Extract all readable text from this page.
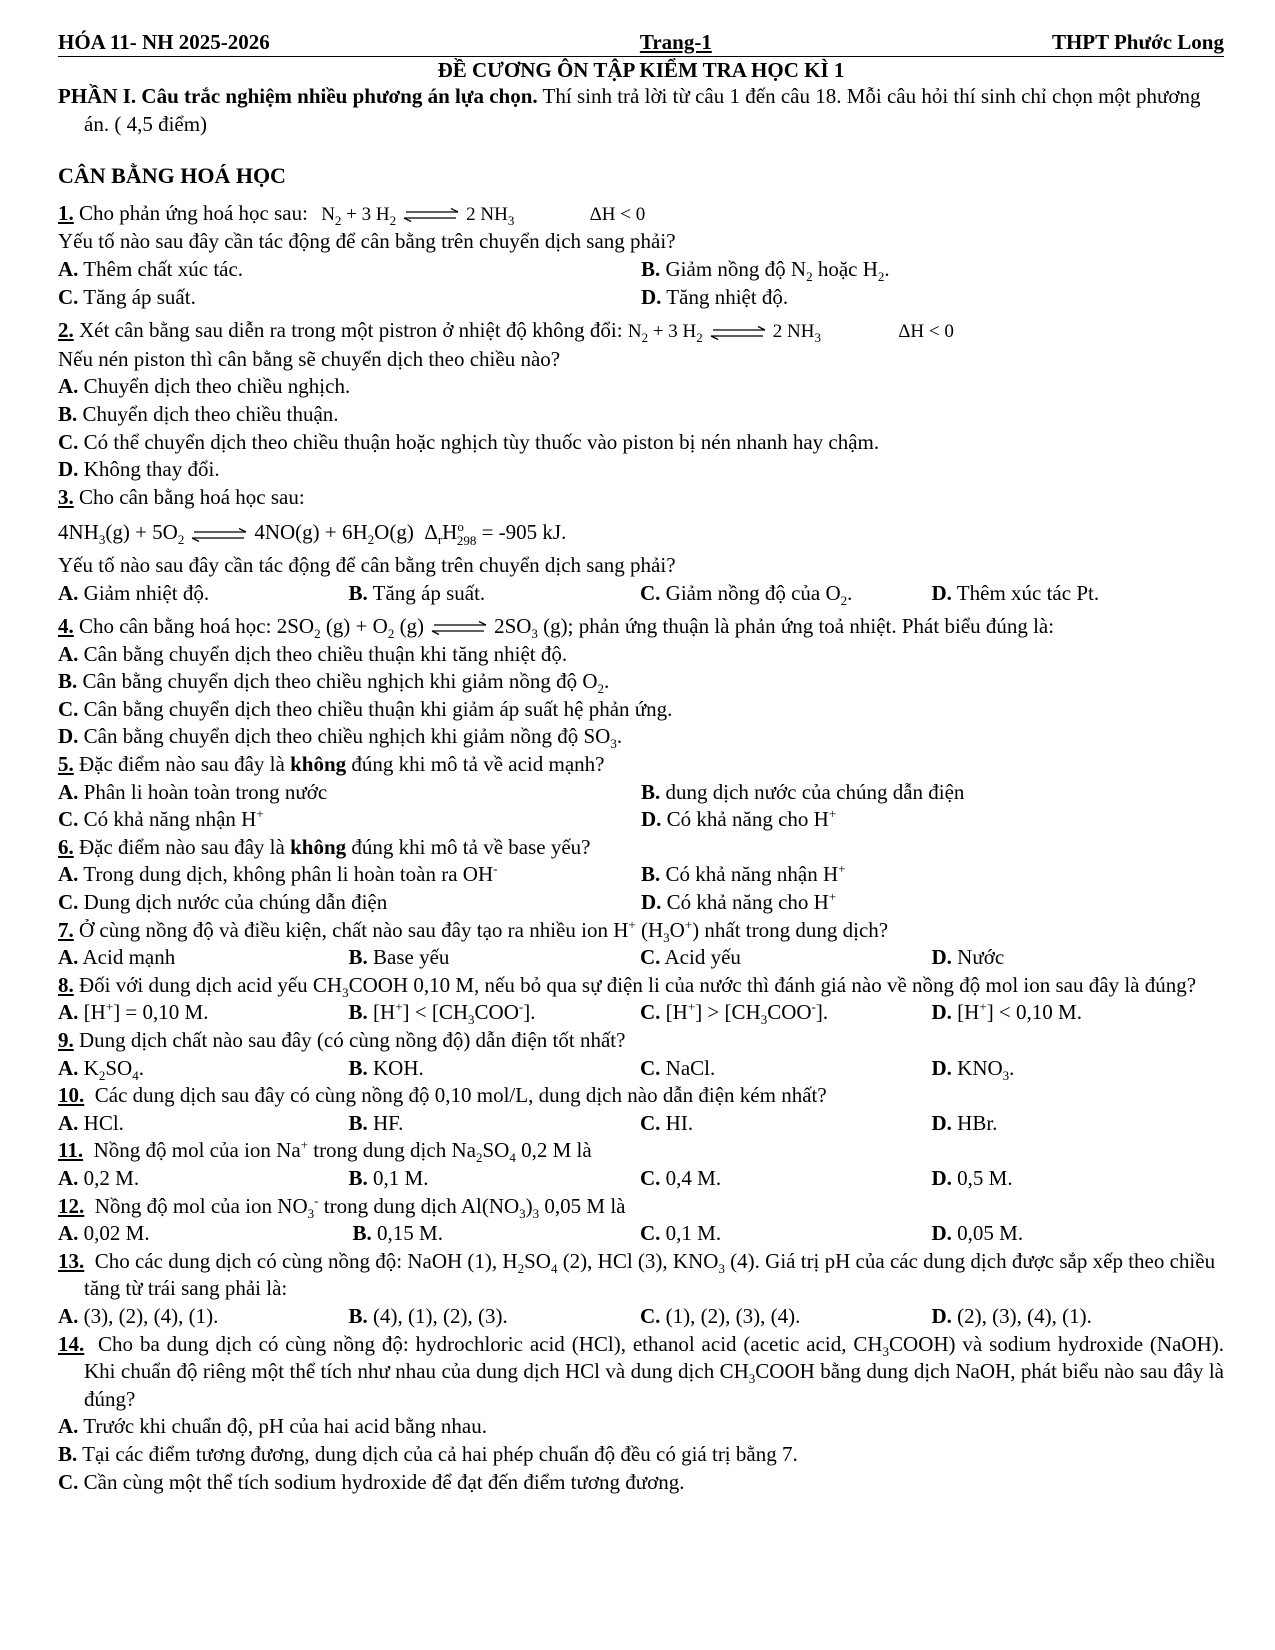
HÓA 11- NH 2025-2026	Trang-1	THPT Phước Long
ĐỀ CƯƠNG ÔN TẬP KIỂM TRA HỌC KÌ 1
PHẦN I. Câu trắc nghiệm nhiều phương án lựa chọn. Thí sinh trả lời từ câu 1 đến câu 18. Mỗi câu hỏi thí sinh chỉ chọn một phương án. ( 4,5 điểm)
CÂN BẰNG HOÁ HỌC
1. Cho phản ứng hoá học sau: $N_2 + 3$ $H_2$	2 $NH_3$	ΔH < 0
Yếu tố nào sau đây cần tác động để cân bằng trên chuyển dịch sang phải?
A. Thêm chất xúc tác.	B. Giảm nồng độ $N_2$ hoặc $H_2$.
C. Tăng áp suất.	D. Tăng nhiệt độ.
2. Xét cân bằng sau diễn ra trong một pistron ở nhiệt độ không đổi: $N_2 + 3$ $H_2$	2 $NH_3$	ΔH < 0
Nếu nén piston thì cân bằng sẽ chuyển dịch theo chiều nào?
A. Chuyển dịch theo chiều nghịch.
B. Chuyển dịch theo chiều thuận.
C. Có thể chuyển dịch theo chiều thuận hoặc nghịch tùy thuốc vào piston bị nén nhanh hay chậm.
D. Không thay đổi.
3. Cho cân bằng hoá học sau:
$4NH_3(g) + 5O_2$	$4NO(g) + 6H_2O(g) \Delta_rH^o_{298} = -905$ kJ.
Yếu tố nào sau đây cần tác động để cân bằng trên chuyển dịch sang phải?
A. Giảm nhiệt độ.	B. Tăng áp suất.	C. Giảm nồng độ của $O_2$.	D. Thêm xúc tác Pt.
4. Cho cân bằng hoá học: $2SO_2$ $(g) + O_2$ (g)	$2SO_3$ (g); phản ứng thuận là phản ứng toả nhiệt. Phát biểu đúng là:
A. Cân bằng chuyển dịch theo chiều thuận khi tăng nhiệt độ.
B. Cân bằng chuyển dịch theo chiều nghịch khi giảm nồng độ $O_2$.
C. Cân bằng chuyển dịch theo chiều thuận khi giảm áp suất hệ phản ứng.
D. Cân bằng chuyển dịch theo chiều nghịch khi giảm nồng độ $SO_3$.
5. Đặc điểm nào sau đây là không đúng khi mô tả về acid mạnh?
A. Phân li hoàn toàn trong nước	B. dung dịch nước của chúng dẫn điện
C. Có khả năng nhận H+	D. Có khả năng cho H+
6. Đặc điểm nào sau đây là không đúng khi mô tả về base yếu?
A. Trong dung dịch, không phân li hoàn toàn ra OH-	B. Có khả năng nhận H+
C. Dung dịch nước của chúng dẫn điện	D. Có khả năng cho H+
7. Ở cùng nồng độ và điều kiện, chất nào sau đây tạo ra nhiều ion H+ $(H_3O^+)$ nhất trong dung dịch?
A. Acid mạnh	B. Base yếu	C. Acid yếu	D. Nước
8. Đối với dung dịch acid yếu $CH_3COOH$ 0,10 M, nếu bỏ qua sự điện li của nước thì đánh giá nào về nồng độ mol ion sau đây là đúng?
A. [H+] = 0,10 M.	B. $[H^+] < [CH_3COO^-]$.	C. $[H^+] > [CH_3COO^-]$.	D. [H+] < 0,10 M.
9. Dung dịch chất nào sau đây (có cùng nồng độ) dẫn điện tốt nhất?
A. $K_2SO_4$.	B. KOH.	C. NaCl.	D. $KNO_3$.
10.  Các dung dịch sau đây có cùng nồng độ 0,10 mol/L, dung dịch nào dẫn điện kém nhất?
A. HCl.	B. HF.	C. HI.	D. HBr.
11.  Nồng độ mol của ion Na+ trong dung dịch $Na_2SO_4$ 0,2 M là
A. 0,2 M.	B. 0,1 M.	C. 0,4 M.	D. 0,5 M.
12.  Nồng độ mol của ion $NO_3^-$ trong dung dịch $Al(NO_3)_3$ 0,05 M là
A. 0,02 M.	B. 0,15 M.	C. 0,1 M.	D. 0,05 M.
13.  Cho các dung dịch có cùng nồng độ: NaOH (1), $H_2SO_4$ (2), HCl (3), $KNO_3$ (4). Giá trị pH của các dung dịch được sắp xếp theo chiều tăng từ trái sang phải là:
A. (3), (2), (4), (1).	B. (4), (1), (2), (3).	C. (1), (2), (3), (4).	D. (2), (3), (4), (1).
14.  Cho ba dung dịch có cùng nồng độ: hydrochloric acid (HCl), ethanol acid (acetic acid, $CH_3COOH$) và sodium hydroxide (NaOH). Khi chuẩn độ riêng một thể tích như nhau của dung dịch HCl và dung dịch $CH_3COOH$ bằng dung dịch NaOH, phát biểu nào sau đây là đúng?
A. Trước khi chuẩn độ, pH của hai acid bằng nhau.
B. Tại các điểm tương đương, dung dịch của cả hai phép chuẩn độ đều có giá trị bằng 7.
C. Cần cùng một thể tích sodium hydroxide để đạt đến điểm tương đương.
